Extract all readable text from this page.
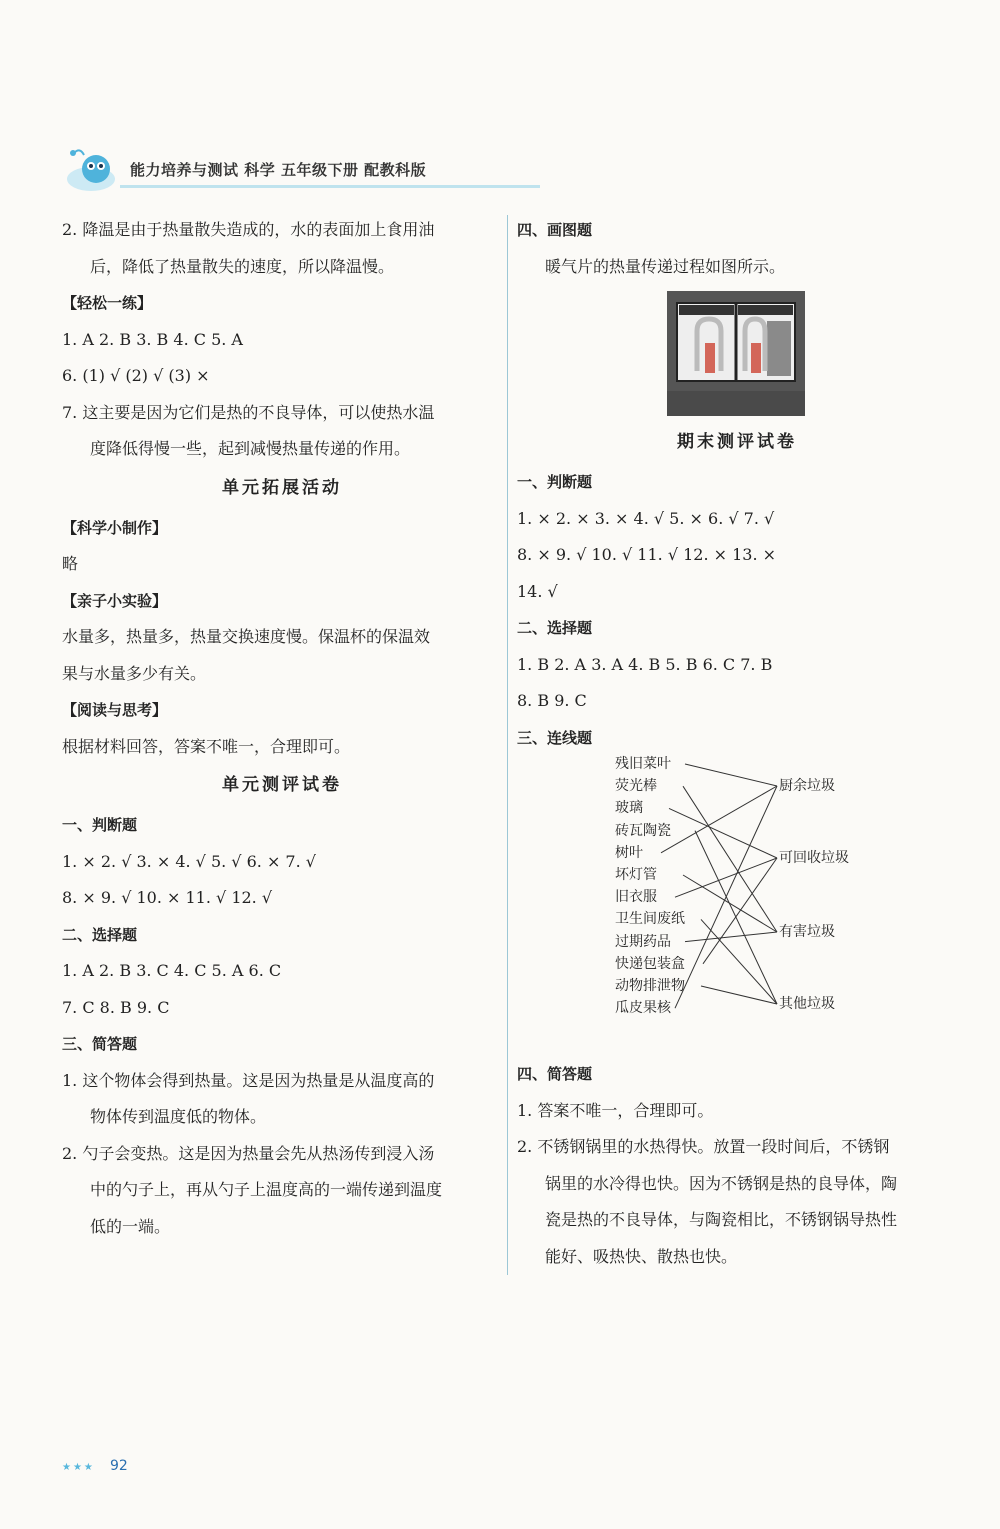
能力培养与测试 科学 五年级下册 配教科版
2. 降温是由于热量散失造成的，水的表面加上食用油
后，降低了热量散失的速度，所以降温慢。
【轻松一练】
1. A 2. B 3. B 4. C 5. A
6. (1) √ (2) √ (3) ×
7. 这主要是因为它们是热的不良导体，可以使热水温
度降低得慢一些，起到减慢热量传递的作用。
单元拓展活动
【科学小制作】
略
【亲子小实验】
水量多，热量多，热量交换速度慢。保温杯的保温效
果与水量多少有关。
【阅读与思考】
根据材料回答，答案不唯一，合理即可。
单元测评试卷
一、判断题
1. × 2. √ 3. × 4. √ 5. √ 6. × 7. √
8. × 9. √ 10. × 11. √ 12. √
二、选择题
1. A 2. B 3. C 4. C 5. A 6. C
7. C 8. B 9. C
三、简答题
1. 这个物体会得到热量。这是因为热量是从温度高的
物体传到温度低的物体。
2. 勺子会变热。这是因为热量会先从热汤传到浸入汤
中的勺子上，再从勺子上温度高的一端传递到温度
低的一端。
四、画图题
暖气片的热量传递过程如图所示。
期末测评试卷
一、判断题
1. × 2. × 3. × 4. √ 5. × 6. √ 7. √
8. × 9. √ 10. √ 11. √ 12. × 13. ×
14. √
二、选择题
1. B 2. A 3. A 4. B 5. B 6. C 7. B
8. B 9. C
三、连线题
残旧菜叶
荧光棒
玻璃
砖瓦陶瓷
树叶
坏灯管
旧衣服
卫生间废纸
过期药品
快递包装盒
动物排泄物
瓜皮果核
厨余垃圾
可回收垃圾
有害垃圾
其他垃圾
四、简答题
1. 答案不唯一，合理即可。
2. 不锈钢锅里的水热得快。放置一段时间后，不锈钢
锅里的水冷得也快。因为不锈钢是热的良导体，陶
瓷是热的不良导体，与陶瓷相比，不锈钢锅导热性
能好、吸热快、散热也快。
★★★ 92
